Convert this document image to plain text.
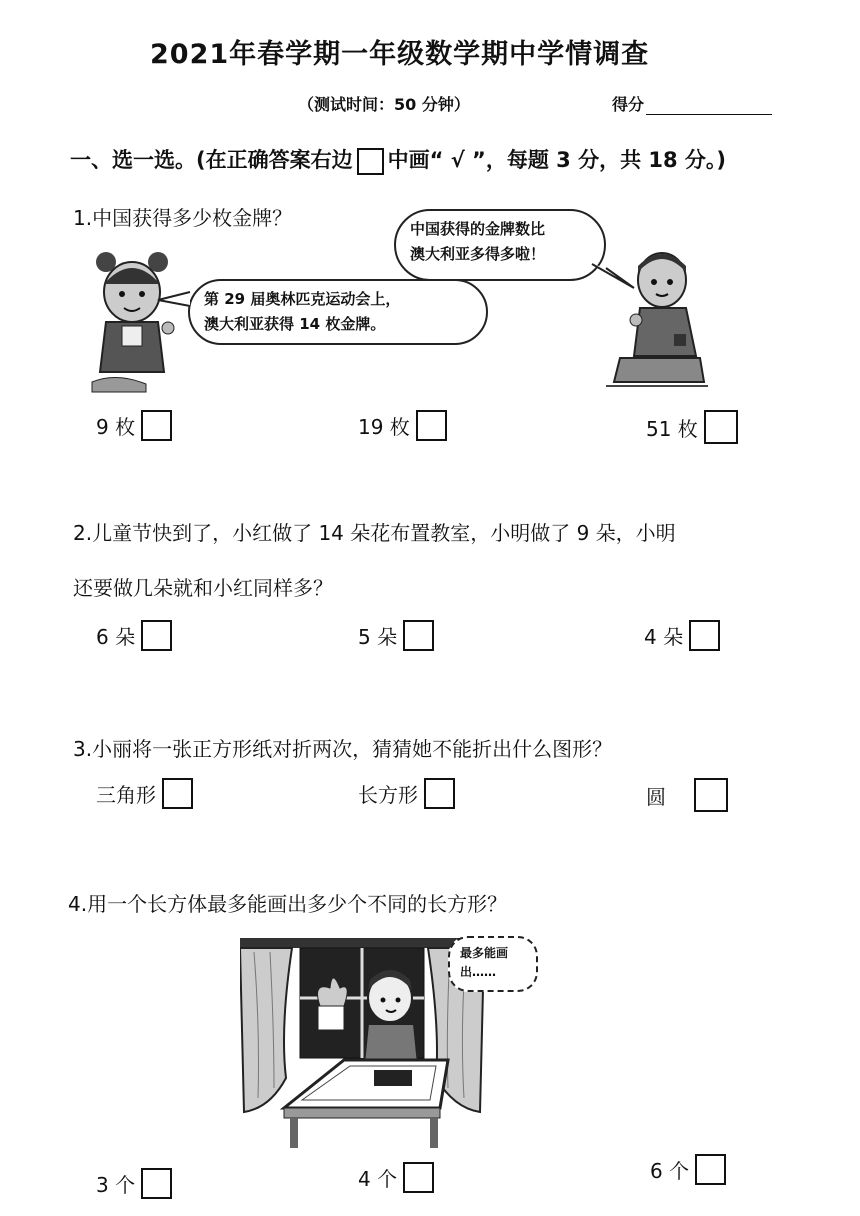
2021年春学期一年级数学期中学情调查
（测试时间：50 分钟）	得分
一、选一选。(在正确答案右边 中画“ √ ”，每题 3 分，共 18 分。)
1.中国获得多少枚金牌？
第 29 届奥林匹克运动会上，
澳大利亚获得 14 枚金牌。
中国获得的金牌数比
澳大利亚多得多啦！
9 枚	19 枚	51 枚
2.儿童节快到了，小红做了 14 朵花布置教室，小明做了 9 朵，小明
还要做几朵就和小红同样多？
6 朵	5 朵	4 朵
3.小丽将一张正方形纸对折两次，猜猜她不能折出什么图形？
三角形	长方形	圆
4.用一个长方体最多能画出多少个不同的长方形？
最多能画
出……
3 个	4 个	6 个
